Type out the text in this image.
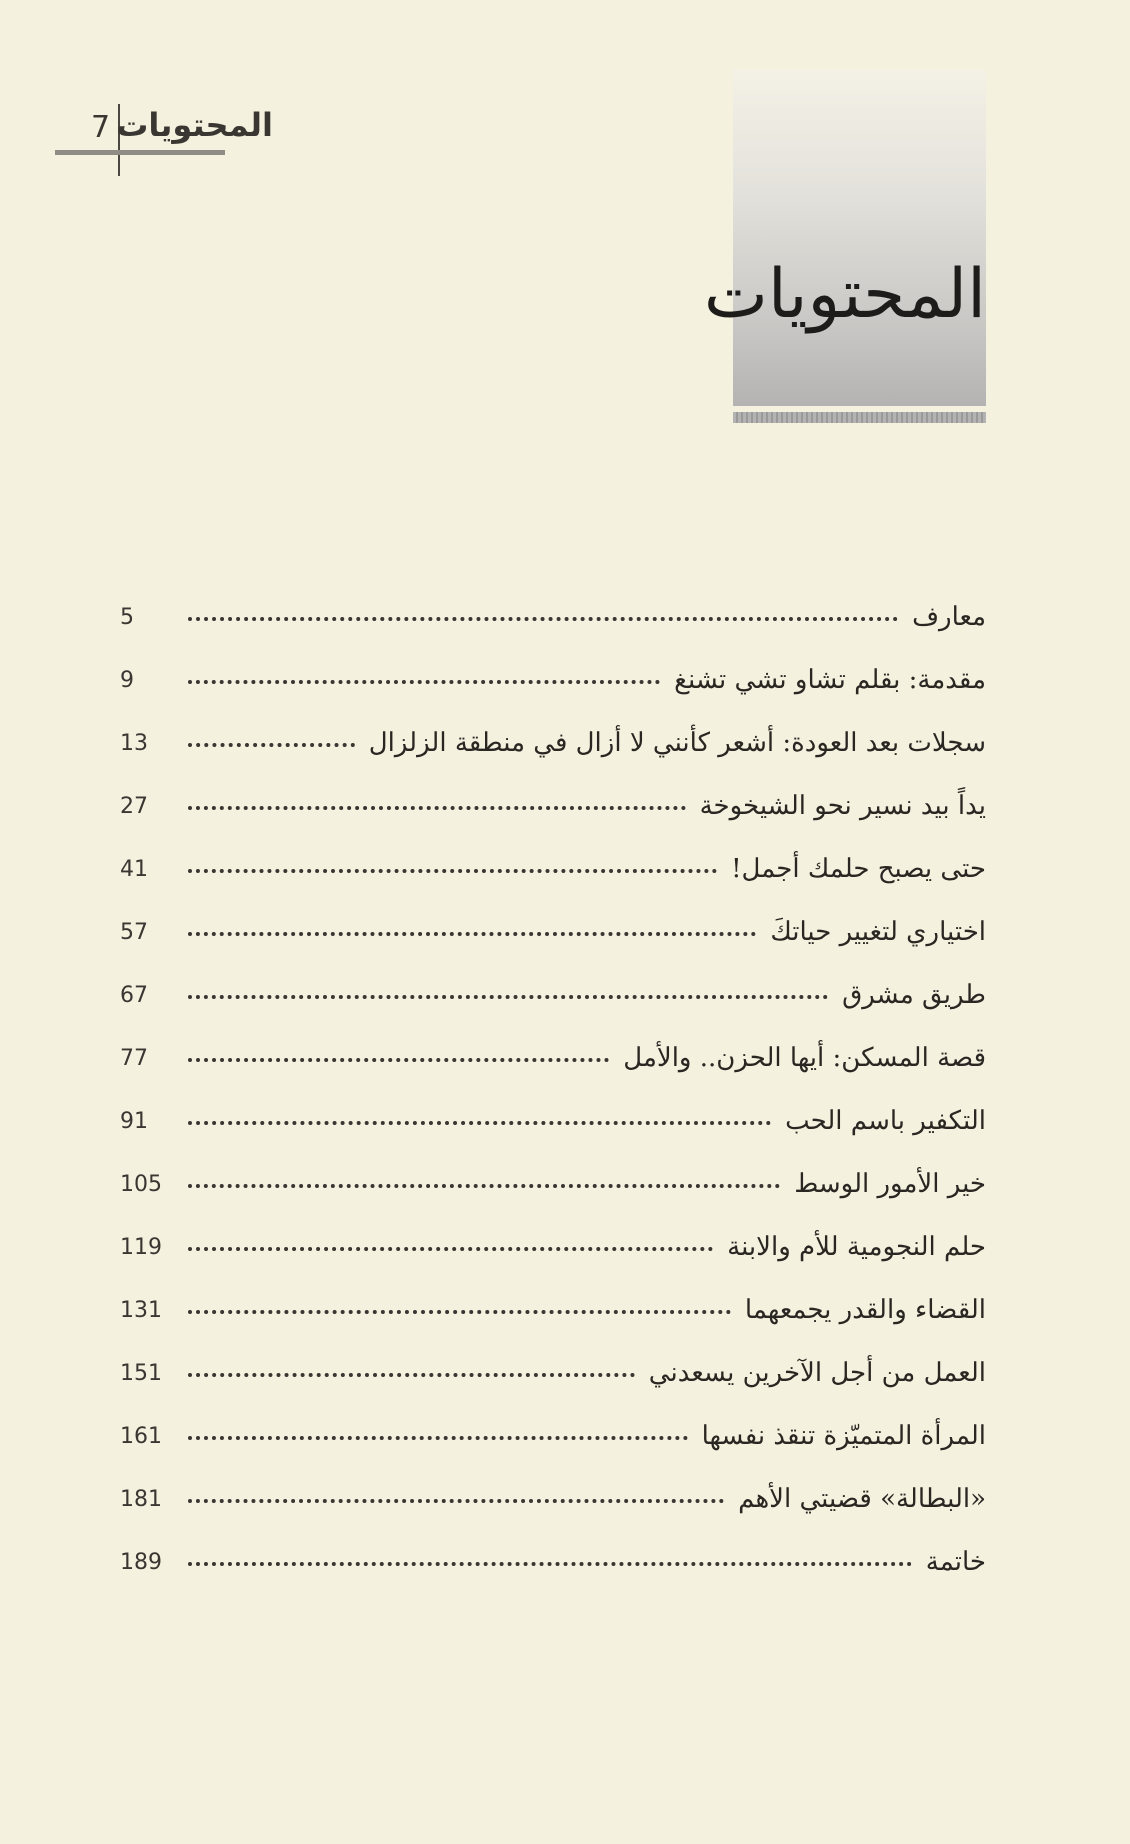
7 المحتويات
المحتويات
معارف
5
مقدمة: بقلم تشاو تشي تشنغ
9
سجلات بعد العودة: أشعر كأنني لا أزال في منطقة الزلزال
13
يداً بيد نسير نحو الشيخوخة
27
حتى يصبح حلمك أجمل!
41
اختياري لتغيير حياتكَ
57
طريق مشرق
67
قصة المسكن: أيها الحزن.. والأمل
77
التكفير باسم الحب
91
خير الأمور الوسط
105
حلم النجومية للأم والابنة
119
القضاء والقدر يجمعهما
131
العمل من أجل الآخرين يسعدني
151
المرأة المتميّزة تنقذ نفسها
161
«البطالة» قضيتي الأهم
181
خاتمة
189
